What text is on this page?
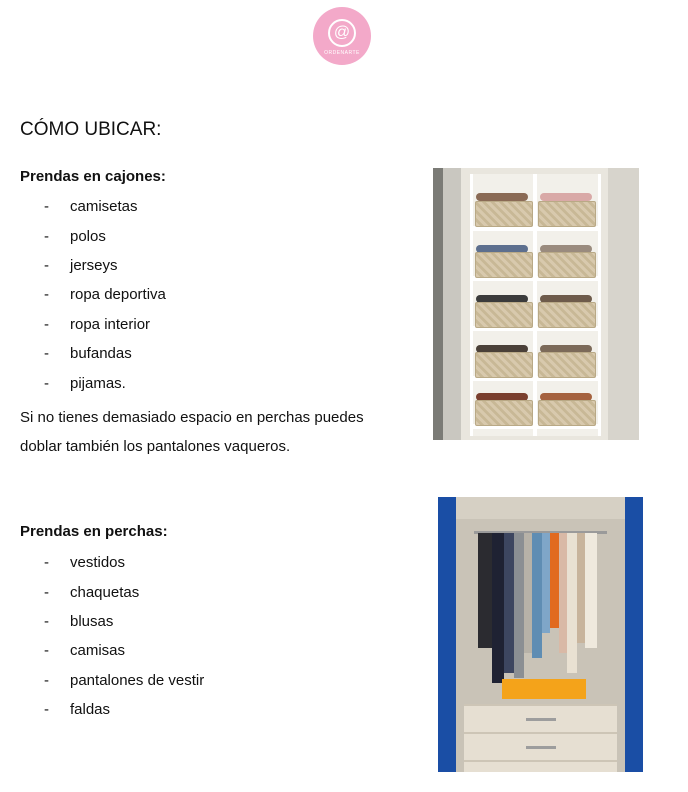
@
ORDENARTE
CÓMO UBICAR:
Prendas en cajones:
-	camisetas
-	polos
-	jerseys
-	ropa deportiva
-	ropa interior
-	bufandas
-	pijamas.
Si no tienes demasiado espacio en perchas puedes
doblar también los pantalones vaqueros.
Prendas en perchas:
-	vestidos
-	chaquetas
-	blusas
-	camisas
-	pantalones de vestir
-	faldas
